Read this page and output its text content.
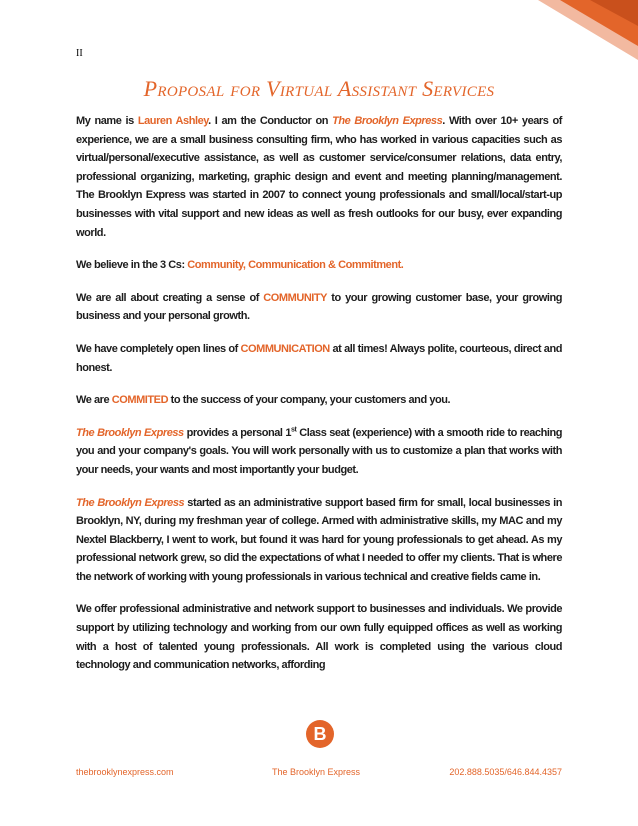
77
II
Proposal for Virtual Assistant Services

My name is Lauren Ashley. I am the Conductor on The Brooklyn Express. With over 10+ years of experience, we are a small business consulting firm, who has worked in various capacities such as virtual/personal/executive assistance, as well as customer service/consumer relations, data entry, professional organizing, marketing, graphic design and event and meeting planning/management. The Brooklyn Express was started in 2007 to connect young professionals and small/local/start-up businesses with vital support and new ideas as well as fresh outlooks for our busy, ever expanding world.

We believe in the 3 Cs: Community, Communication & Commitment.

We are all about creating a sense of COMMUNITY to your growing customer base, your growing business and your personal growth.

We have completely open lines of COMMUNICATION at all times! Always polite, courteous, direct and honest.

We are COMMITED to the success of your company, your customers and you.

The Brooklyn Express provides a personal 1st Class seat (experience) with a smooth ride to reaching you and your company's goals. You will work personally with us to customize a plan that works with your needs, your wants and most importantly your budget.

The Brooklyn Express started as an administrative support based firm for small, local businesses in Brooklyn, NY, during my freshman year of college. Armed with administrative skills, my MAC and my Nextel Blackberry, I went to work, but found it was hard for young professionals to get ahead. As my professional network grew, so did the expectations of what I needed to offer my clients. That is where the network of working with young professionals in various technical and creative fields came in.

We offer professional administrative and network support to businesses and individuals. We provide support by utilizing technology and working from our own fully equipped offices as well as working with a host of talented young professionals. All work is completed using the various cloud technology and communication networks, affording

B
thebrooklynexpress.com	The Brooklyn Express	202.888.5035/646.844.4357
